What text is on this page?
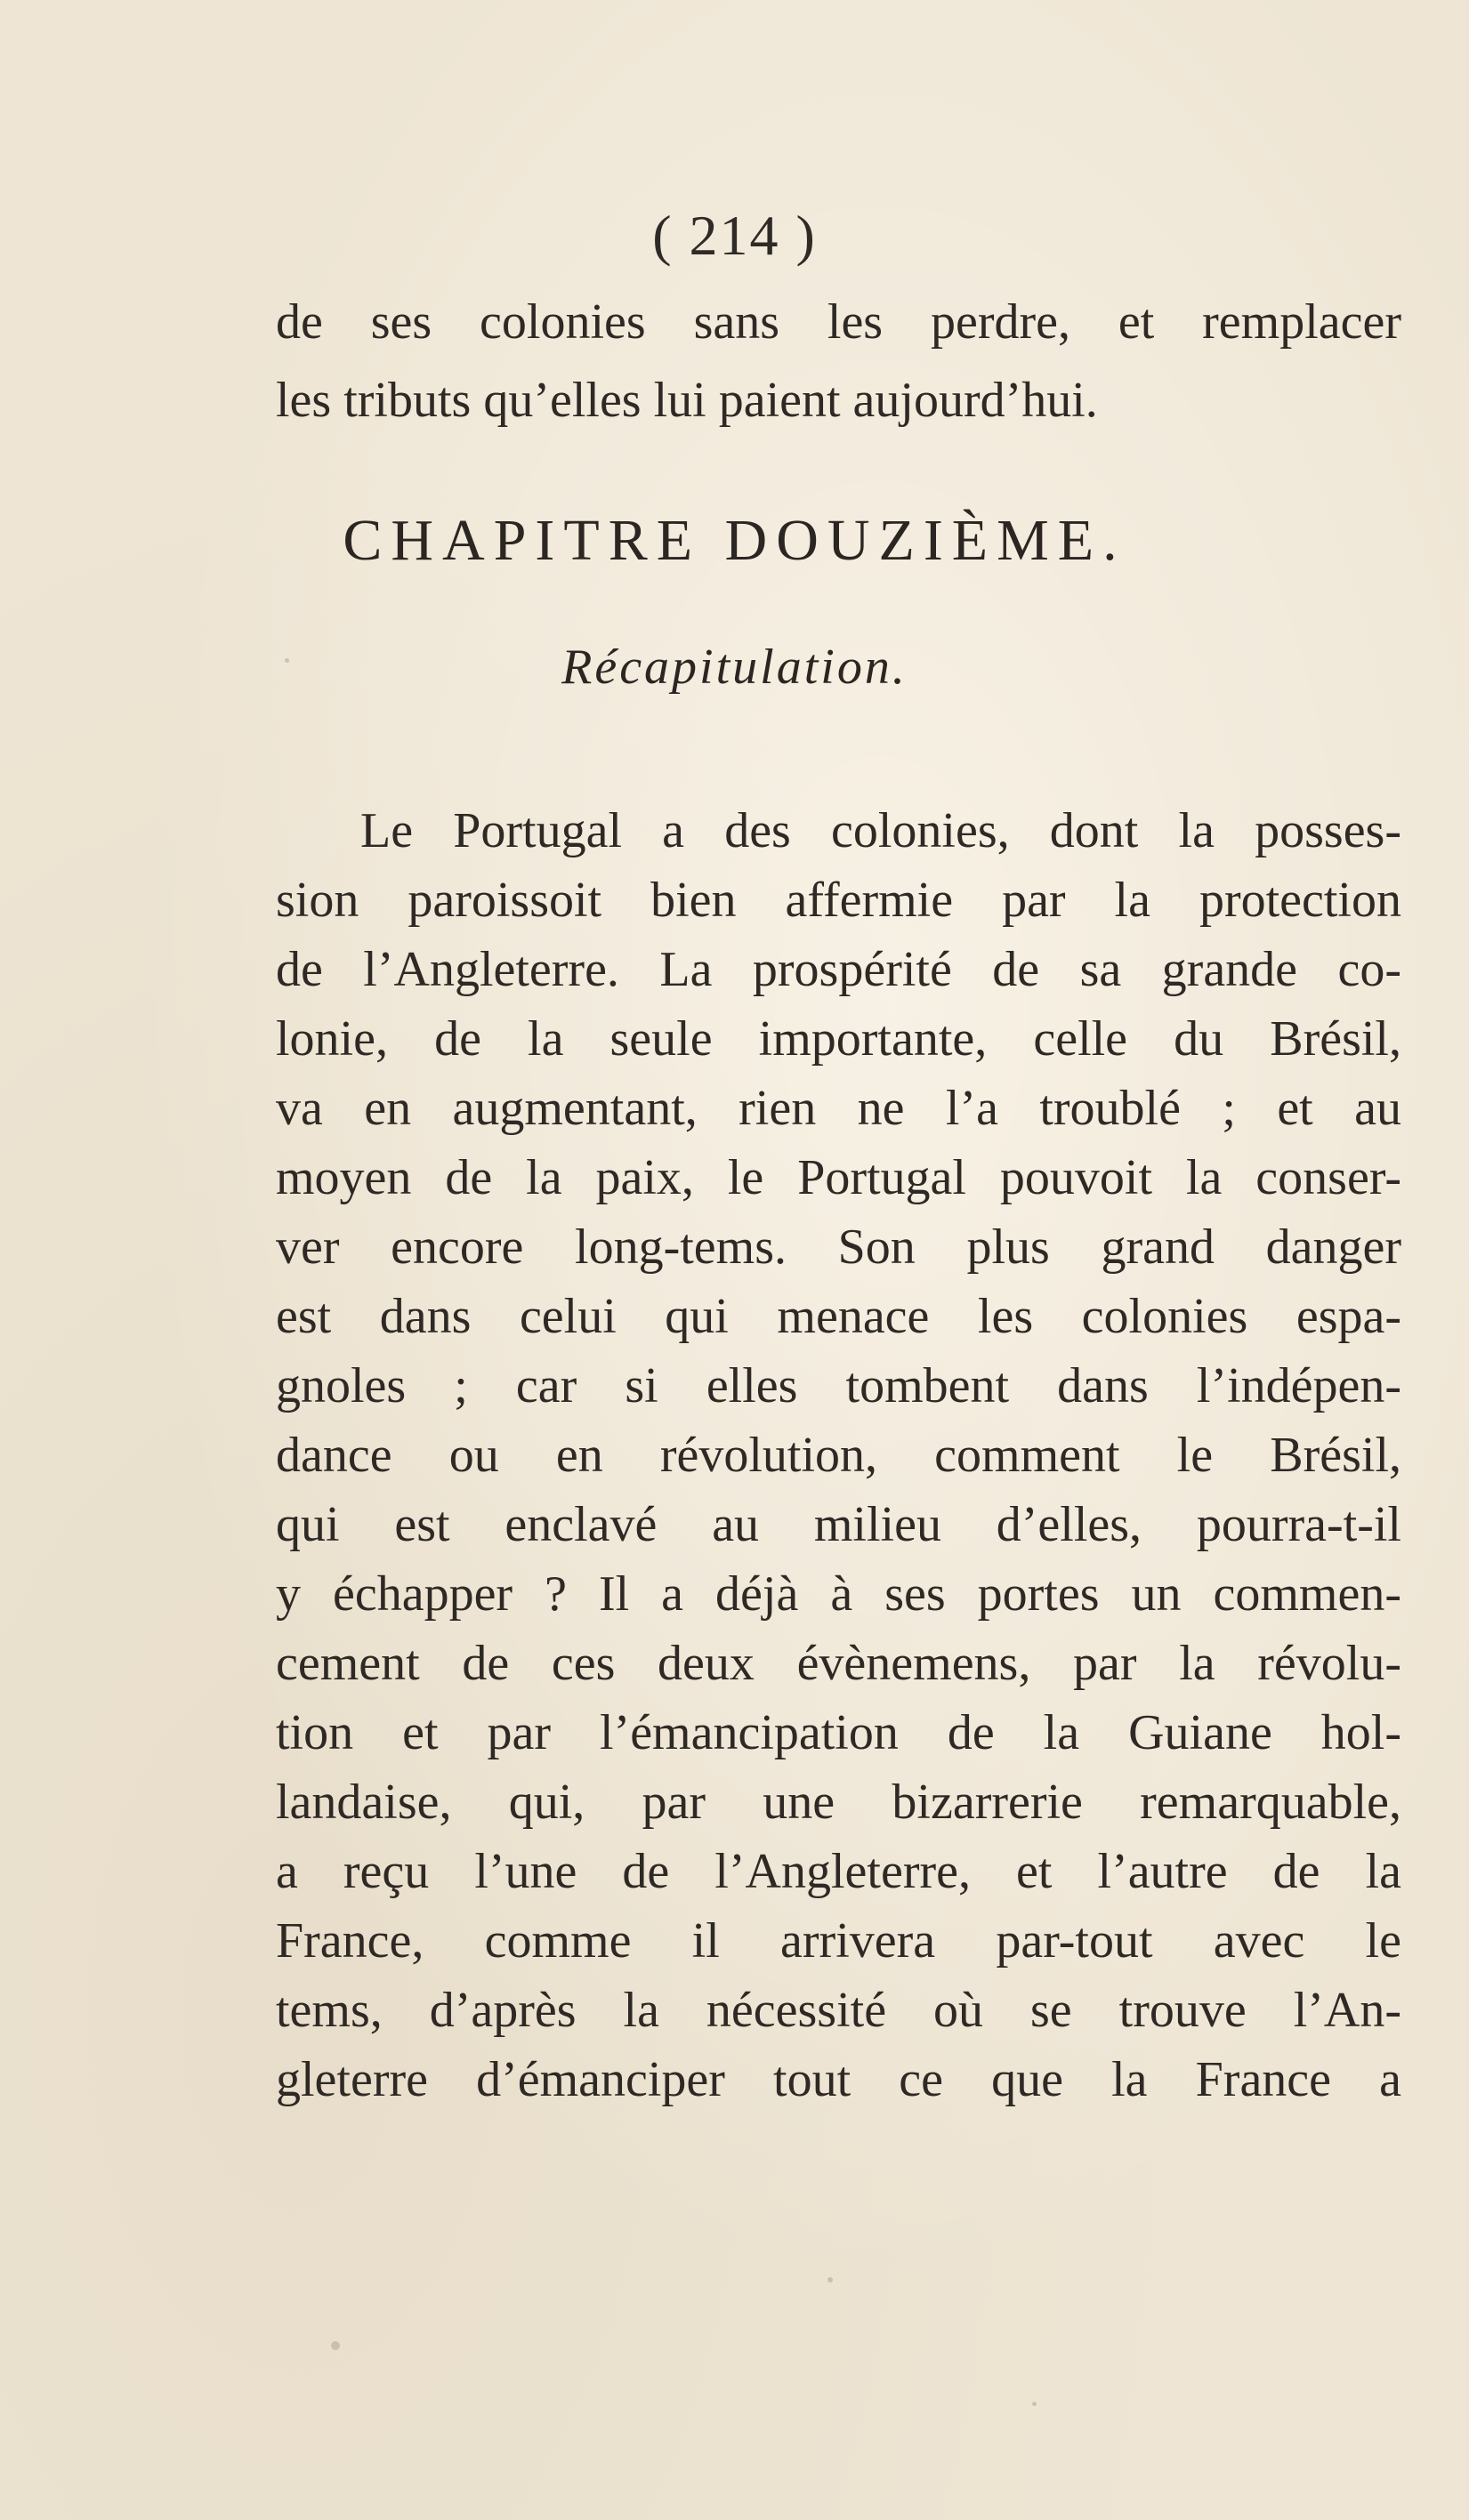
( 214 )
de ses colonies sans les perdre, et remplacer
les tributs qu’elles lui paient aujourd’hui.
CHAPITRE DOUZIÈME.
Récapitulation.
Le Portugal a des colonies, dont la posses-
sion paroissoit bien affermie par la protection
de l’Angleterre. La prospérité de sa grande co-
lonie, de la seule importante, celle du Brésil,
va en augmentant, rien ne l’a troublé ; et au
moyen de la paix, le Portugal pouvoit la conser-
ver encore long-tems. Son plus grand danger
est dans celui qui menace les colonies espa-
gnoles ; car si elles tombent dans l’indépen-
dance ou en révolution, comment le Brésil,
qui est enclavé au milieu d’elles, pourra-t-il
y échapper ? Il a déjà à ses portes un commen-
cement de ces deux évènemens, par la révolu-
tion et par l’émancipation de la Guiane hol-
landaise, qui, par une bizarrerie remarquable,
a reçu l’une de l’Angleterre, et l’autre de la
France, comme il arrivera par-tout avec le
tems, d’après la nécessité où se trouve l’An-
gleterre d’émanciper tout ce que la France a
